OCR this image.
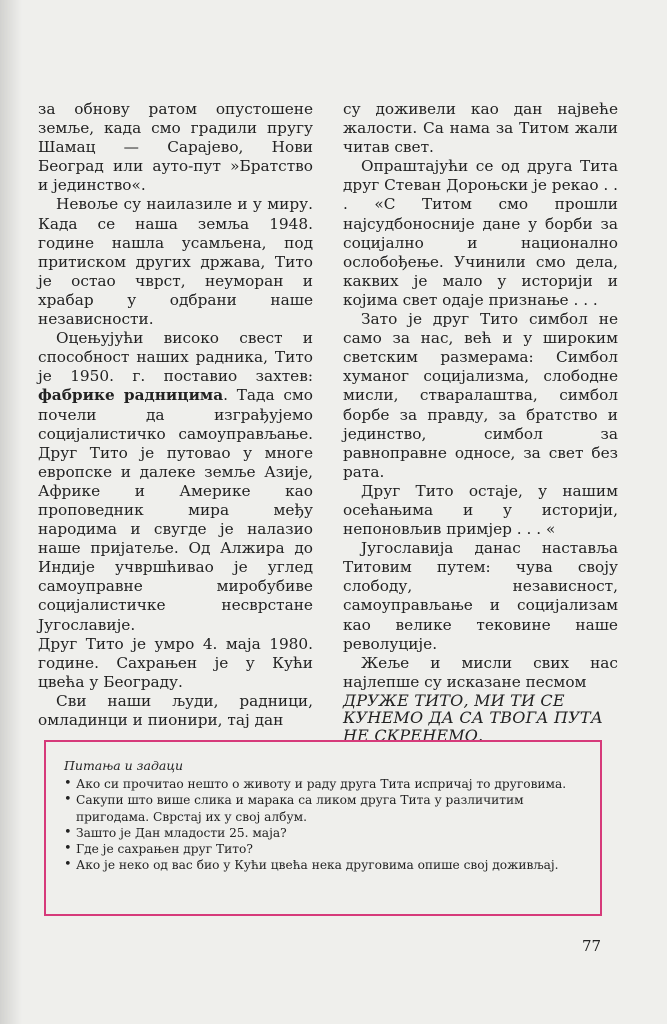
за обнову ратом опустошене земље, када смо градили пругу Шамац — Сарајево, Нови Београд или ауто-пут »Братство и јединство«.

Невоље су наилазиле и у миру. Када се наша земља 1948. године нашла усамљена, под притиском других држава, Тито је остао чврст, неуморан и храбар у одбрани наше независности.

Оцењујући високо свест и способност наших радника, Тито је 1950. г. поставио захтев: фабрике радницима. Тада смо почели да изграђујемо социјалистичко самоуправљање. Друг Тито је путовао у многе европске и далеке земље Азије, Африке и Америке као проповедник мира међу народима и свугде је налазио наше пријатеље. Од Алжира до Индије учвршћивао је углед самоуправне миробубиве социјалистичке несврстане Југославије.

Друг Тито је умро 4. маја 1980. године. Сахрањен је у Кући цвећа у Београду.

Сви наши људи, радници, омладинци и пионири, тај дан

су доживели као дан највеће жалости. Са нама за Титом жали читав свет.

Опраштајући се од друга Тита друг Стеван Дороњски је рекао . . . «С Титом смо прошли најсудбоносније дане у борби за социјално и национално ослобођење. Учинили смо дела, каквих је мало у историји и којима свет одаје признање . . .

Зато је друг Тито симбол не само за нас, већ и у широким светским размерама: Симбол хуманог социјализма, слободне мисли, стваралаштва, симбол борбе за правду, за братство и јединство, симбол за равноправне односе, за свет без рата.

Друг Тито остаје, у нашим осећањима и у историји, непоновљив примјер . . . «

Југославија данас наставља Титовим путем: чува своју слободу, независност, самоуправљање и социјализам као велике тековине наше револуције.

Жеље и мисли свих нас најлепше су исказане песмом

ДРУЖЕ ТИТО, МИ ТИ СЕ КУНЕМО ДА СА ТВОГА ПУТА НЕ СКРЕНЕМО.

Питања и задаци

• Ако си прочитао нешто о животу и раду друга Тита испричај то друговима.
• Сакупи што више слика и марака са ликом друга Тита у различитим пригодама. Сврстај их у свој албум.
• Зашто је Дан младости 25. маја?
• Где је сахрањен друг Тито?
• Ако је неко од вас био у Кући цвећа нека друговима опише свој доживљај.
77
